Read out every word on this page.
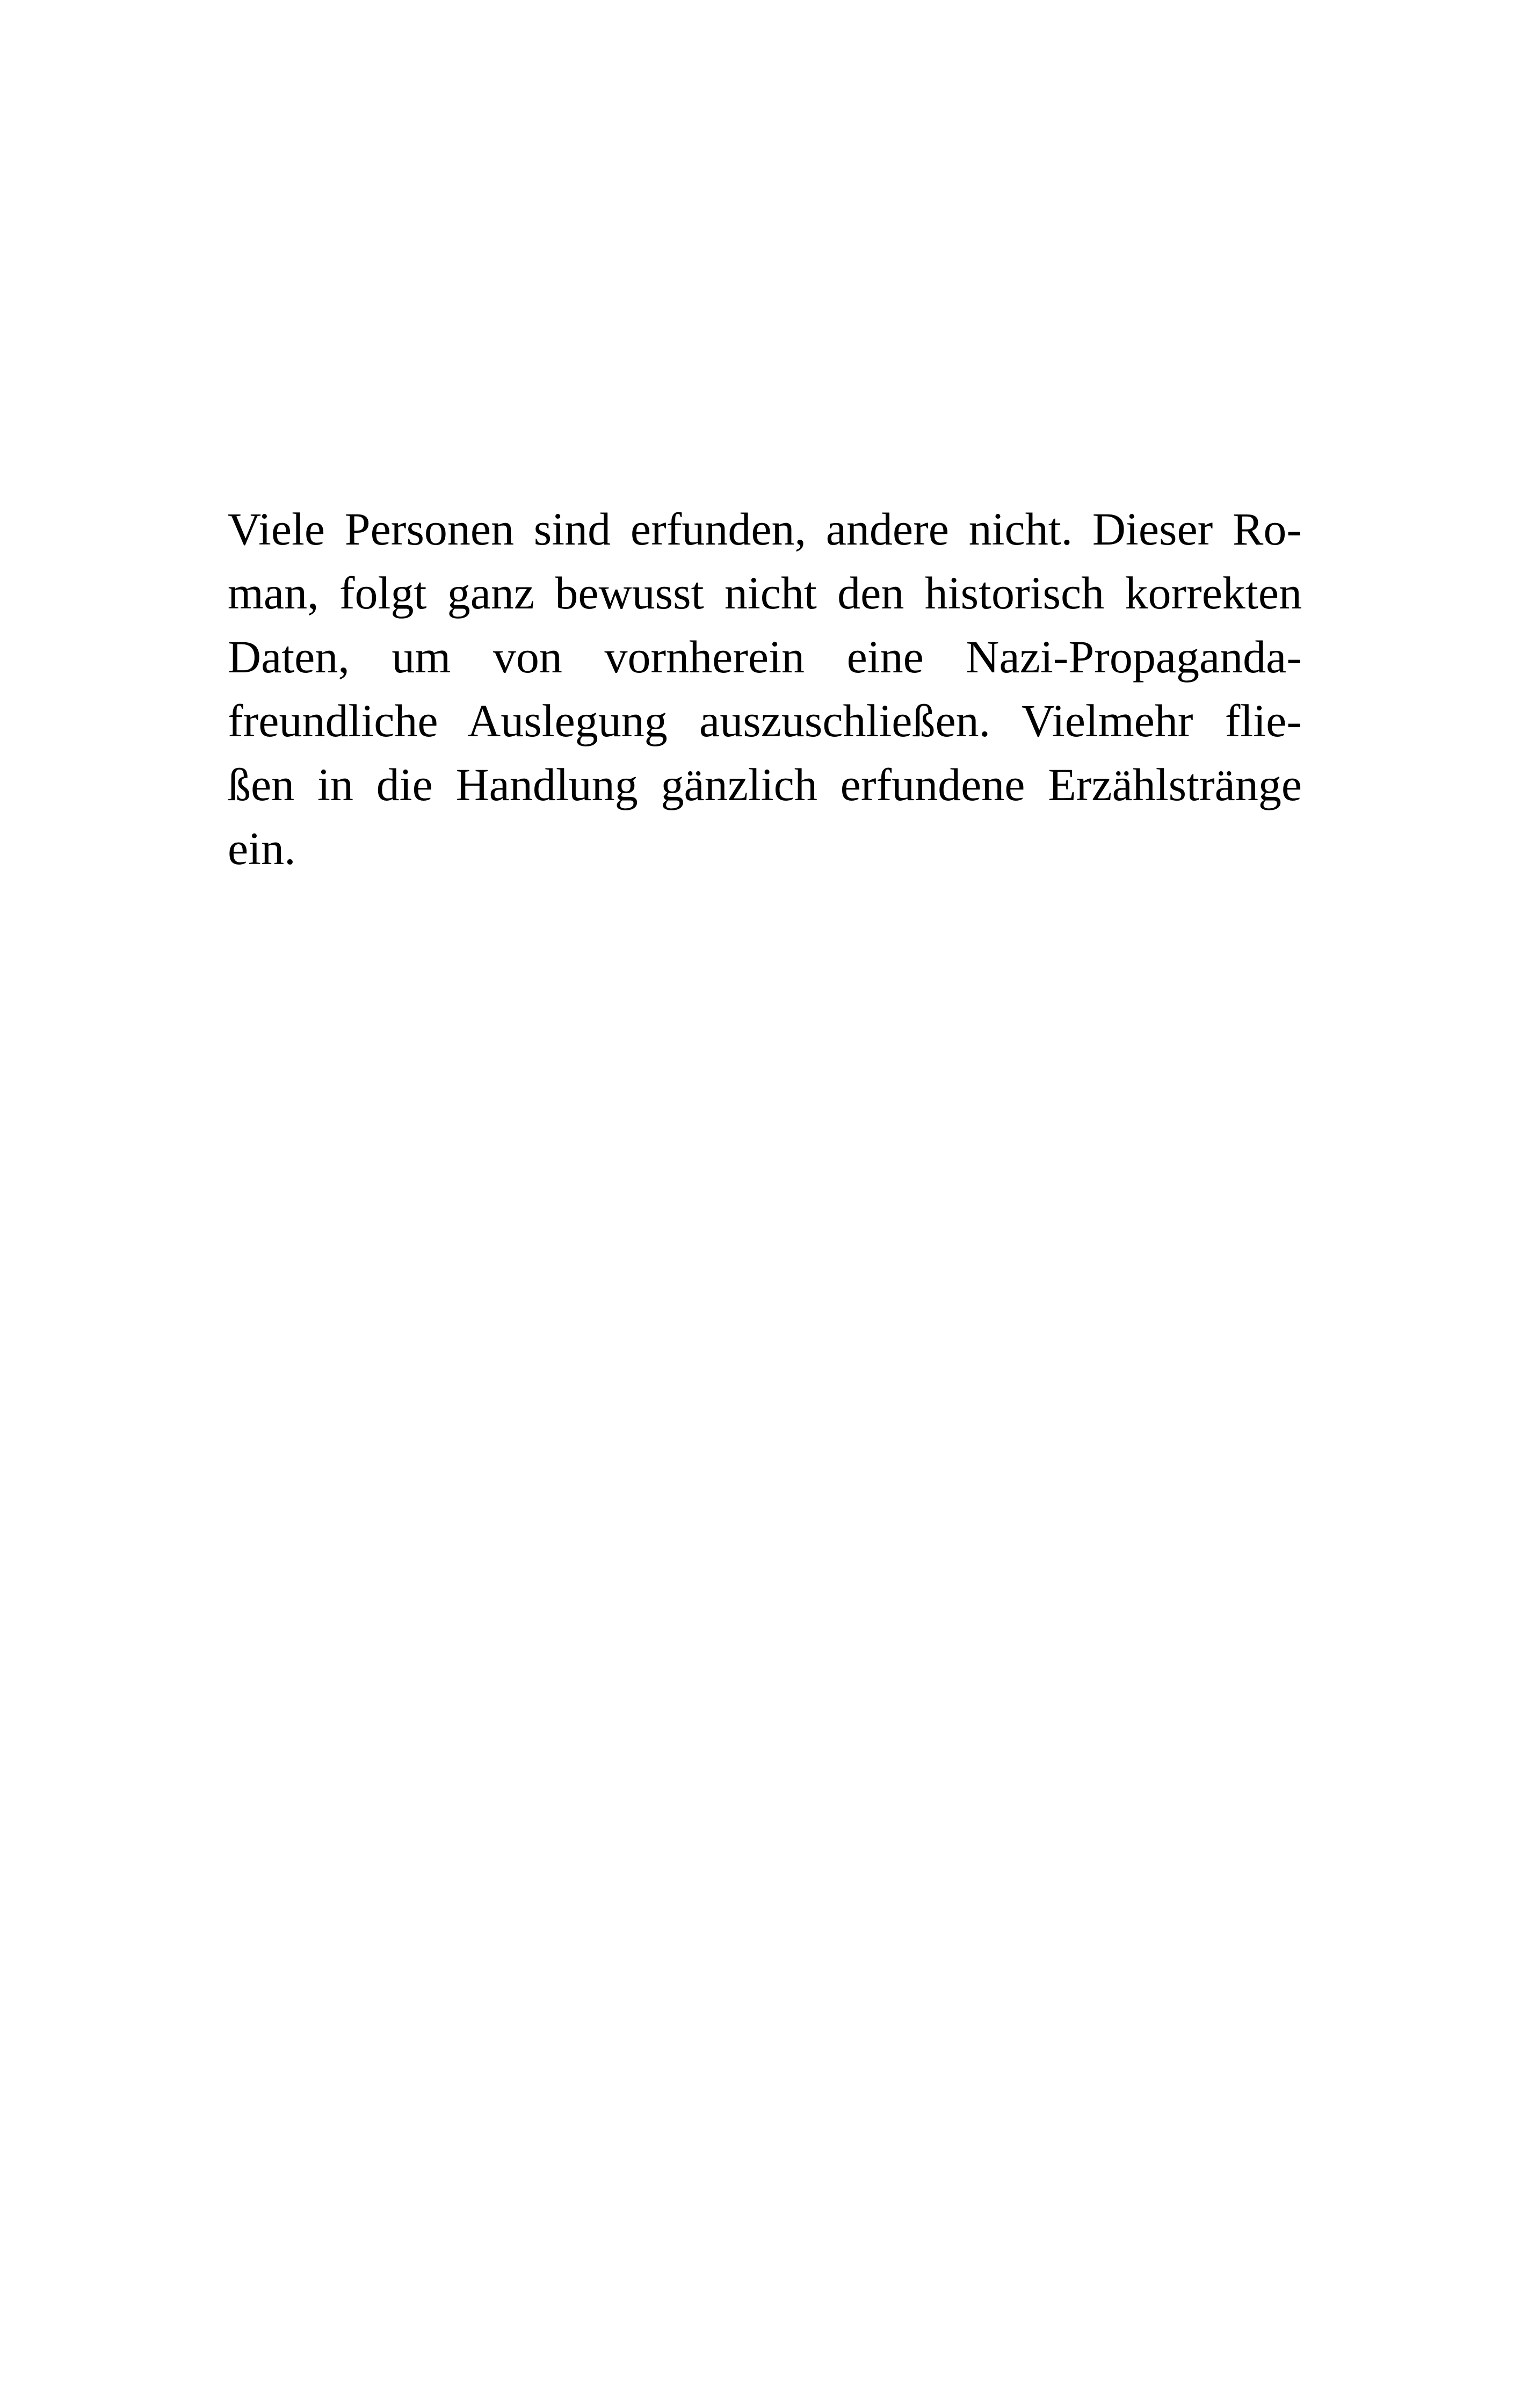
Viele Personen sind erfunden, andere nicht. Dieser Ro-
man, folgt ganz bewusst nicht den historisch korrekten
Daten, um von vornherein eine Nazi-Propaganda-
freundliche Auslegung auszuschließen. Vielmehr flie-
ßen in die Handlung gänzlich erfundene Erzählstränge
ein.
